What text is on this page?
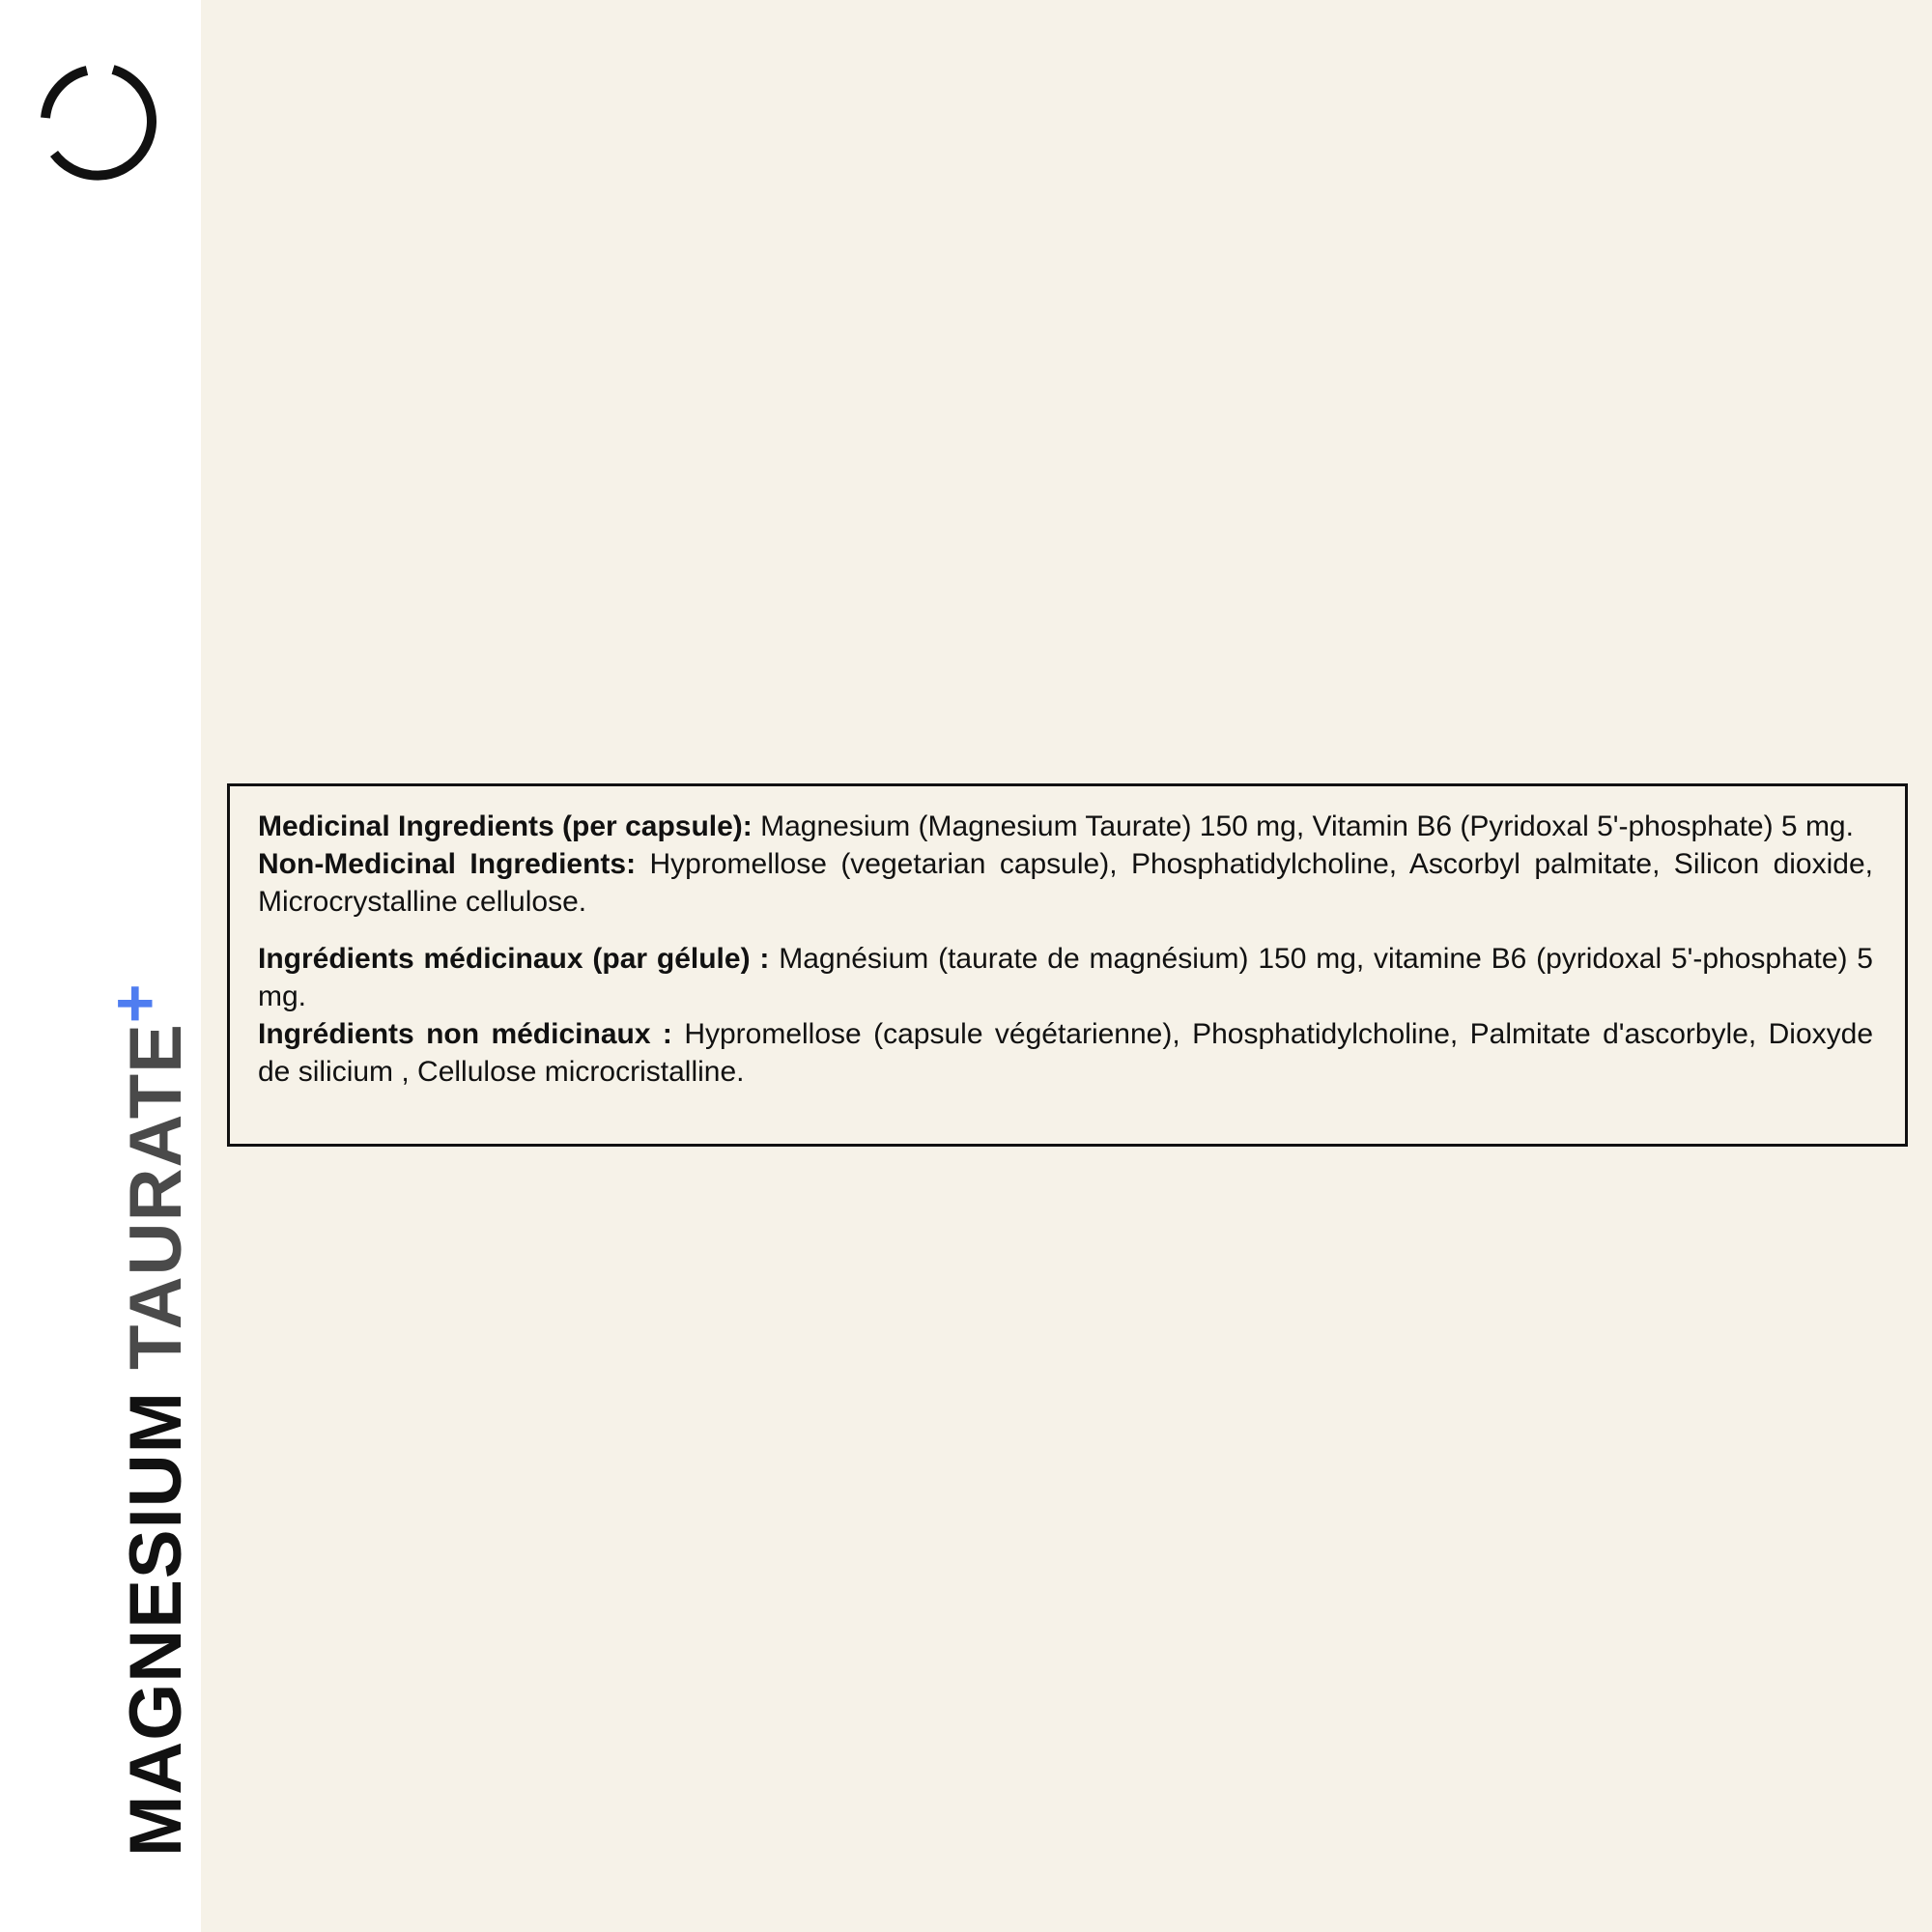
MAGNESIUM TAURATE+

Medicinal Ingredients (per capsule): Magnesium (Magnesium Taurate) 150 mg, Vitamin B6 (Pyridoxal 5'-phosphate) 5 mg.

Non-Medicinal Ingredients: Hypromellose (vegetarian capsule), Phosphatidylcholine, Ascorbyl palmitate, Silicon dioxide, Microcrystalline cellulose.

Ingrédients médicinaux (par gélule) : Magnésium (taurate de magnésium) 150 mg, vitamine B6 (pyridoxal 5'-phosphate) 5 mg.

Ingrédients non médicinaux : Hypromellose (capsule végétarienne), Phosphatidylcholine, Palmitate d'ascorbyle, Dioxyde de silicium , Cellulose microcristalline.
